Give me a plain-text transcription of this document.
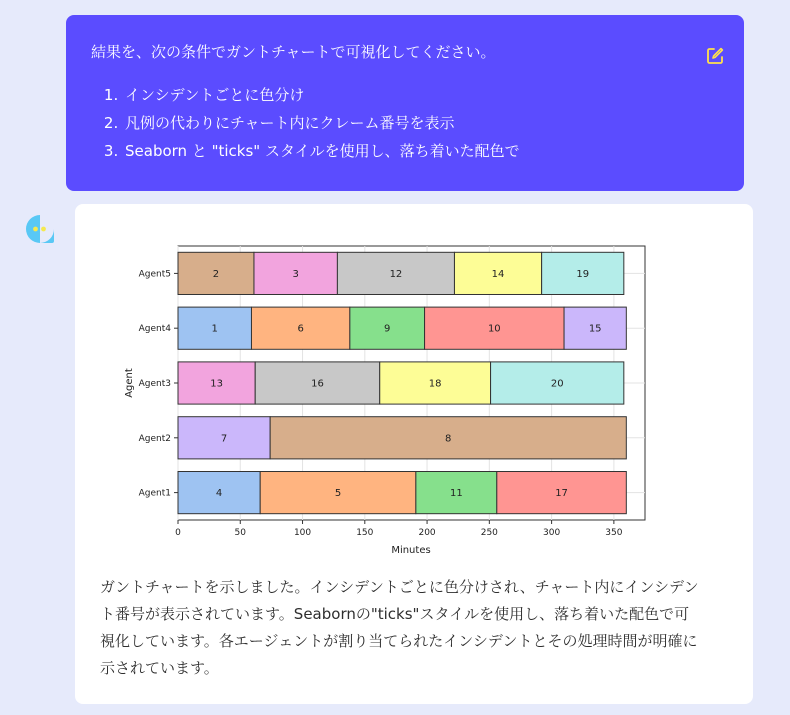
結果を、次の条件でガントチャートで可視化してください。

1. インシデントごとに色分け
2. 凡例の代わりにチャート内にクレーム番号を表示
3. Seaborn と "ticks" スタイルを使用し、落ち着いた配色で
2	3	12	14	19
1	6	9	10	15
13	16	18	20
7	8
4	5	11	17
0	50	100	150	200	250	300	350
Agent5
Agent4
Agent3
Agent2
Agent1
Minutes
Agent

ガントチャートを示しました。インシデントごとに色分けされ、チャート内にインシデント番号が表示されています。Seabornの"ticks"スタイルを使用し、落ち着いた配色で可視化しています。各エージェントが割り当てられたインシデントとその処理時間が明確に示されています。
